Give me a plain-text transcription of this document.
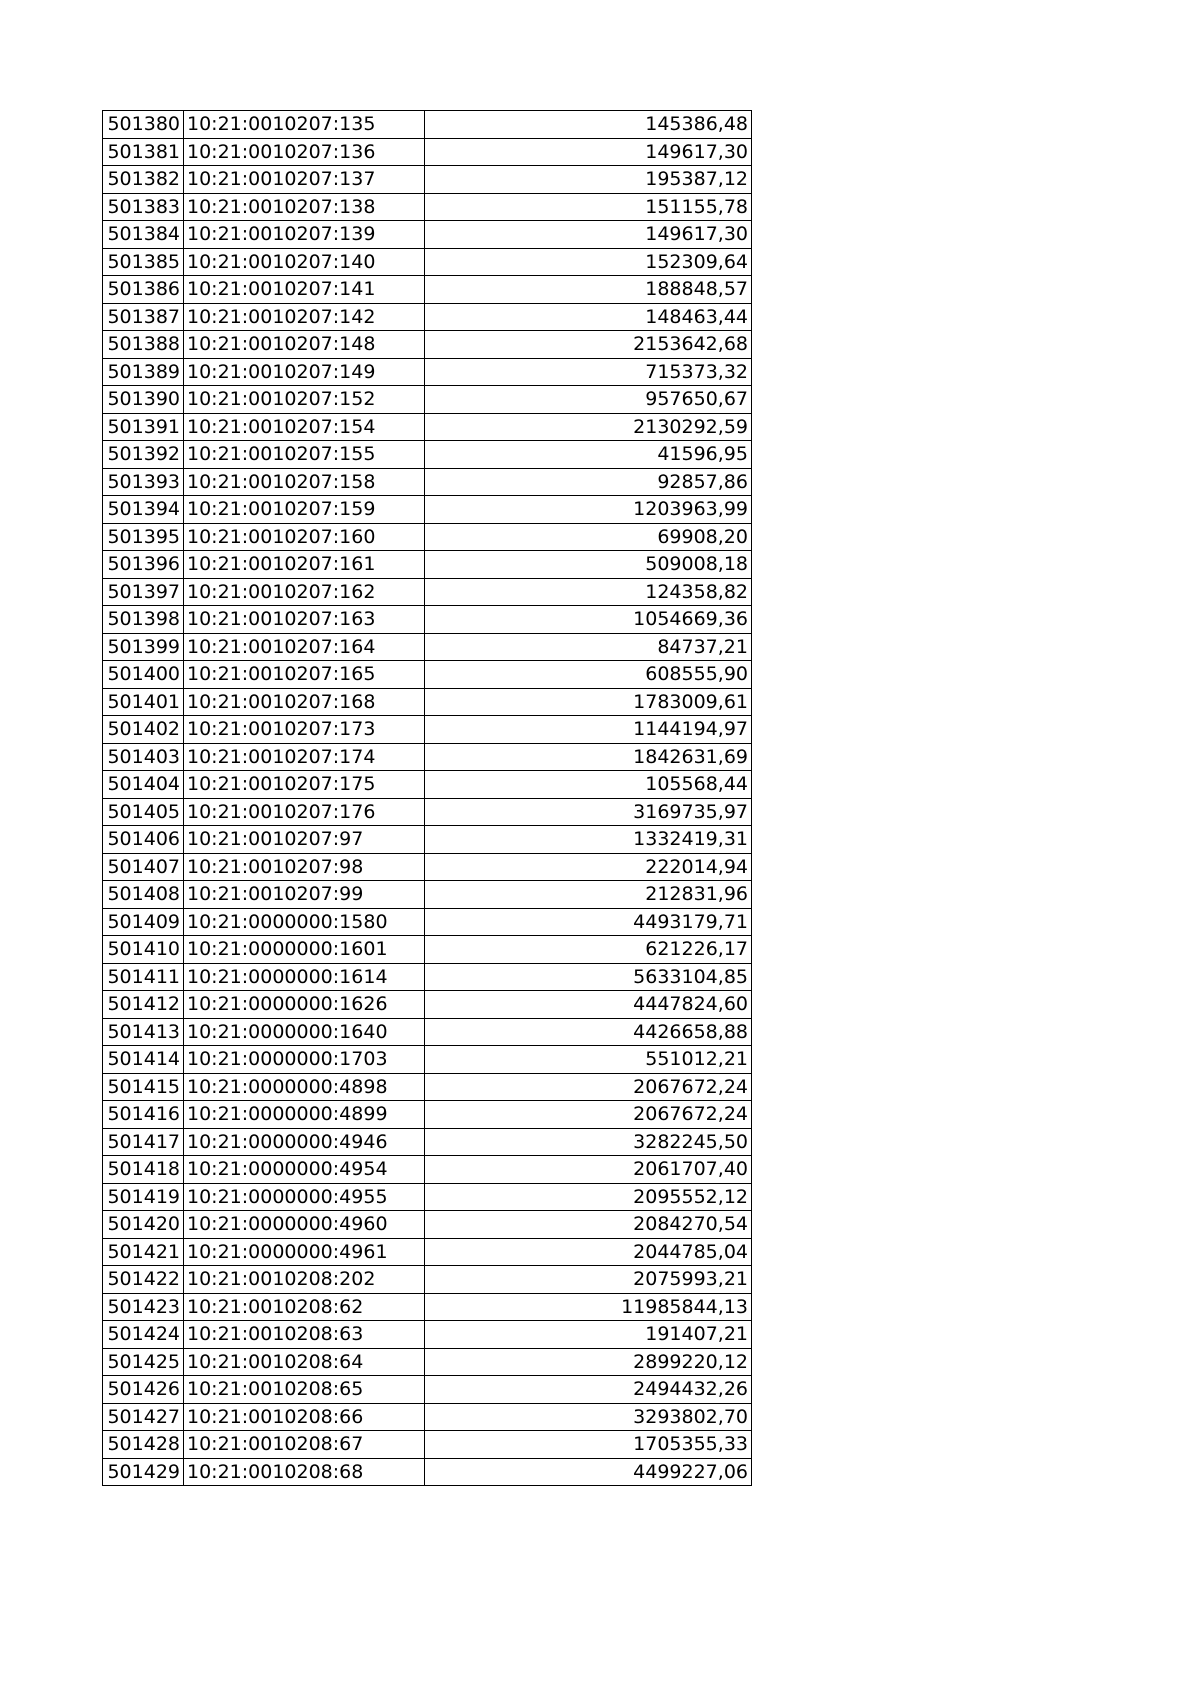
501380	10:21:0010207:135	145386,48
501381	10:21:0010207:136	149617,30
501382	10:21:0010207:137	195387,12
501383	10:21:0010207:138	151155,78
501384	10:21:0010207:139	149617,30
501385	10:21:0010207:140	152309,64
501386	10:21:0010207:141	188848,57
501387	10:21:0010207:142	148463,44
501388	10:21:0010207:148	2153642,68
501389	10:21:0010207:149	715373,32
501390	10:21:0010207:152	957650,67
501391	10:21:0010207:154	2130292,59
501392	10:21:0010207:155	41596,95
501393	10:21:0010207:158	92857,86
501394	10:21:0010207:159	1203963,99
501395	10:21:0010207:160	69908,20
501396	10:21:0010207:161	509008,18
501397	10:21:0010207:162	124358,82
501398	10:21:0010207:163	1054669,36
501399	10:21:0010207:164	84737,21
501400	10:21:0010207:165	608555,90
501401	10:21:0010207:168	1783009,61
501402	10:21:0010207:173	1144194,97
501403	10:21:0010207:174	1842631,69
501404	10:21:0010207:175	105568,44
501405	10:21:0010207:176	3169735,97
501406	10:21:0010207:97	1332419,31
501407	10:21:0010207:98	222014,94
501408	10:21:0010207:99	212831,96
501409	10:21:0000000:1580	4493179,71
501410	10:21:0000000:1601	621226,17
501411	10:21:0000000:1614	5633104,85
501412	10:21:0000000:1626	4447824,60
501413	10:21:0000000:1640	4426658,88
501414	10:21:0000000:1703	551012,21
501415	10:21:0000000:4898	2067672,24
501416	10:21:0000000:4899	2067672,24
501417	10:21:0000000:4946	3282245,50
501418	10:21:0000000:4954	2061707,40
501419	10:21:0000000:4955	2095552,12
501420	10:21:0000000:4960	2084270,54
501421	10:21:0000000:4961	2044785,04
501422	10:21:0010208:202	2075993,21
501423	10:21:0010208:62	11985844,13
501424	10:21:0010208:63	191407,21
501425	10:21:0010208:64	2899220,12
501426	10:21:0010208:65	2494432,26
501427	10:21:0010208:66	3293802,70
501428	10:21:0010208:67	1705355,33
501429	10:21:0010208:68	4499227,06
